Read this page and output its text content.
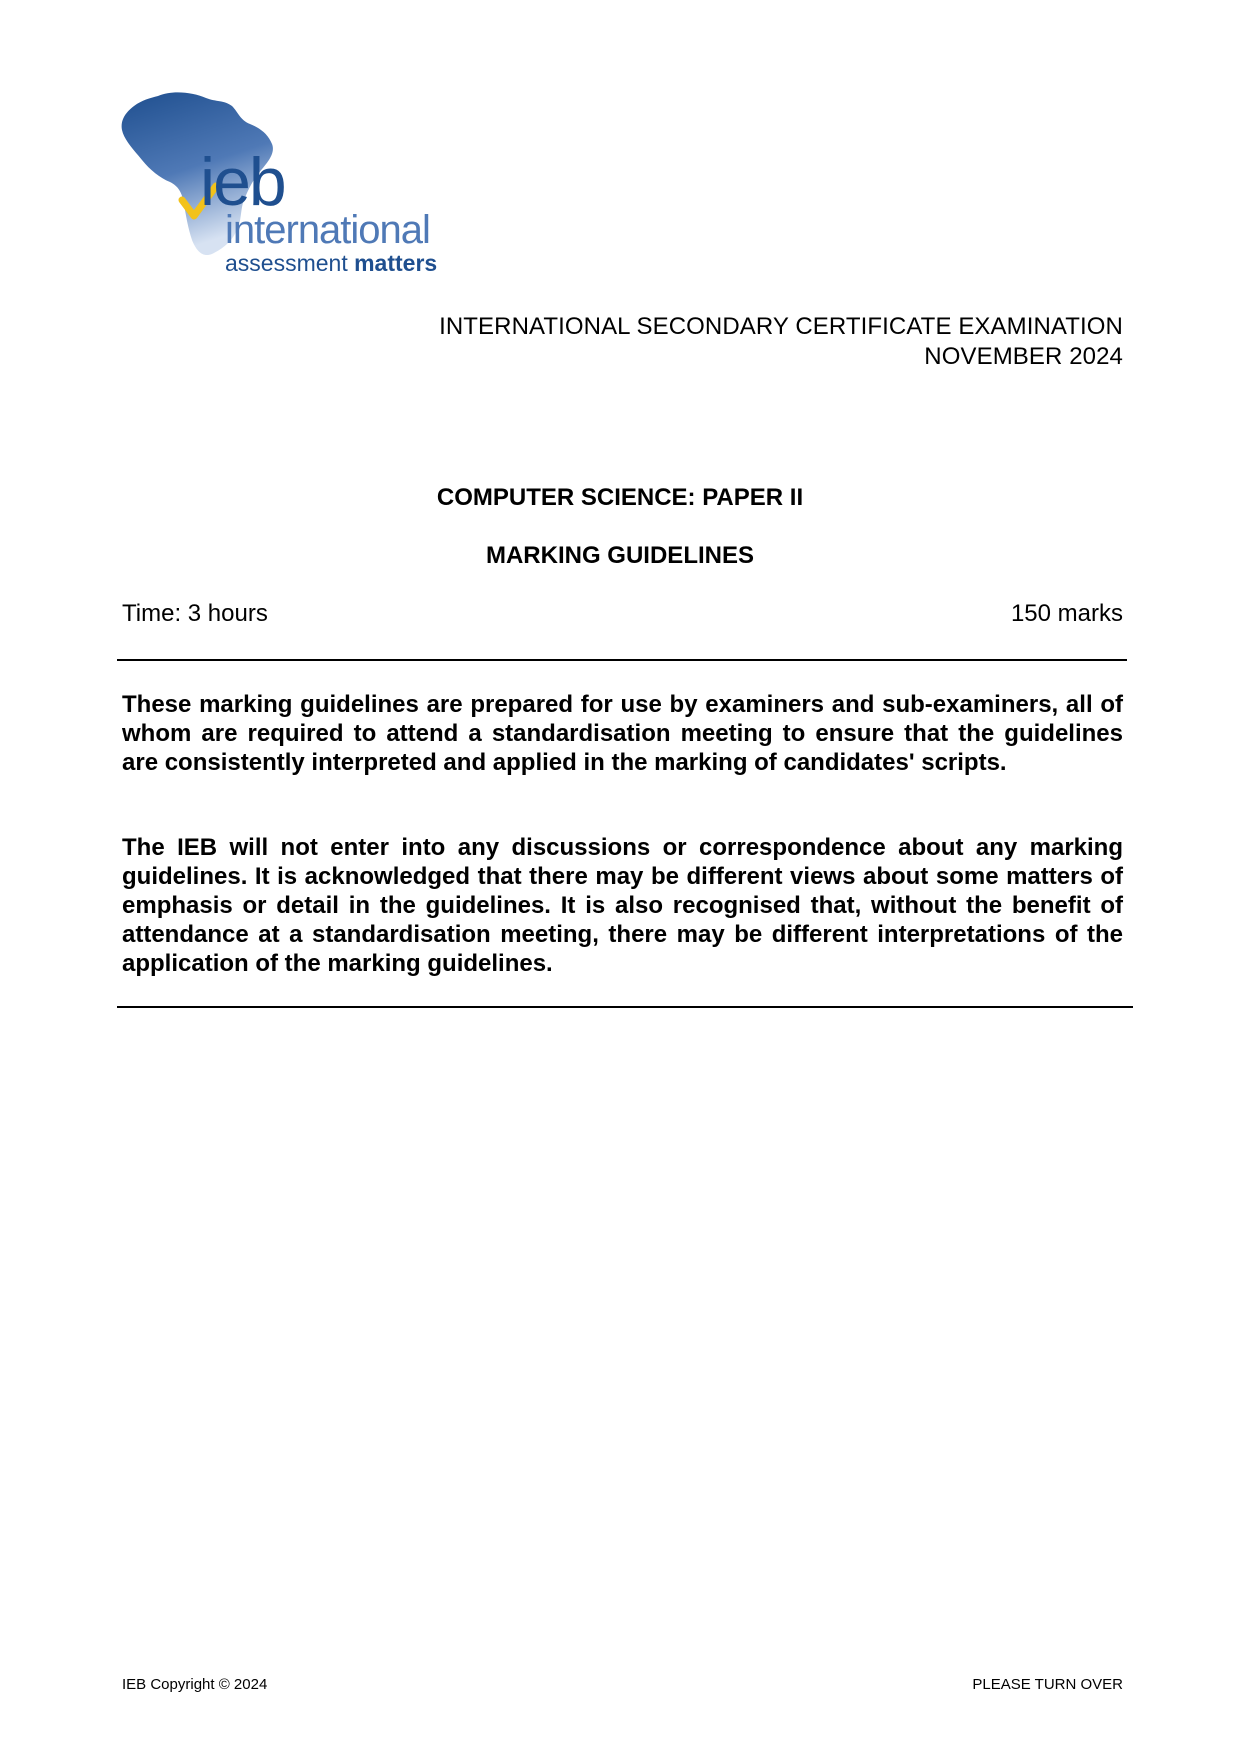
ieb
international
assessment matters
INTERNATIONAL SECONDARY CERTIFICATE EXAMINATION
NOVEMBER 2024
COMPUTER SCIENCE: PAPER II
MARKING GUIDELINES
Time: 3 hours	150 marks
These marking guidelines are prepared for use by examiners and sub-examiners, all of whom are required to attend a standardisation meeting to ensure that the guidelines are consistently interpreted and applied in the marking of candidates' scripts.
The IEB will not enter into any discussions or correspondence about any marking guidelines. It is acknowledged that there may be different views about some matters of emphasis or detail in the guidelines. It is also recognised that, without the benefit of attendance at a standardisation meeting, there may be different interpretations of the application of the marking guidelines.
IEB Copyright © 2024	PLEASE TURN OVER
